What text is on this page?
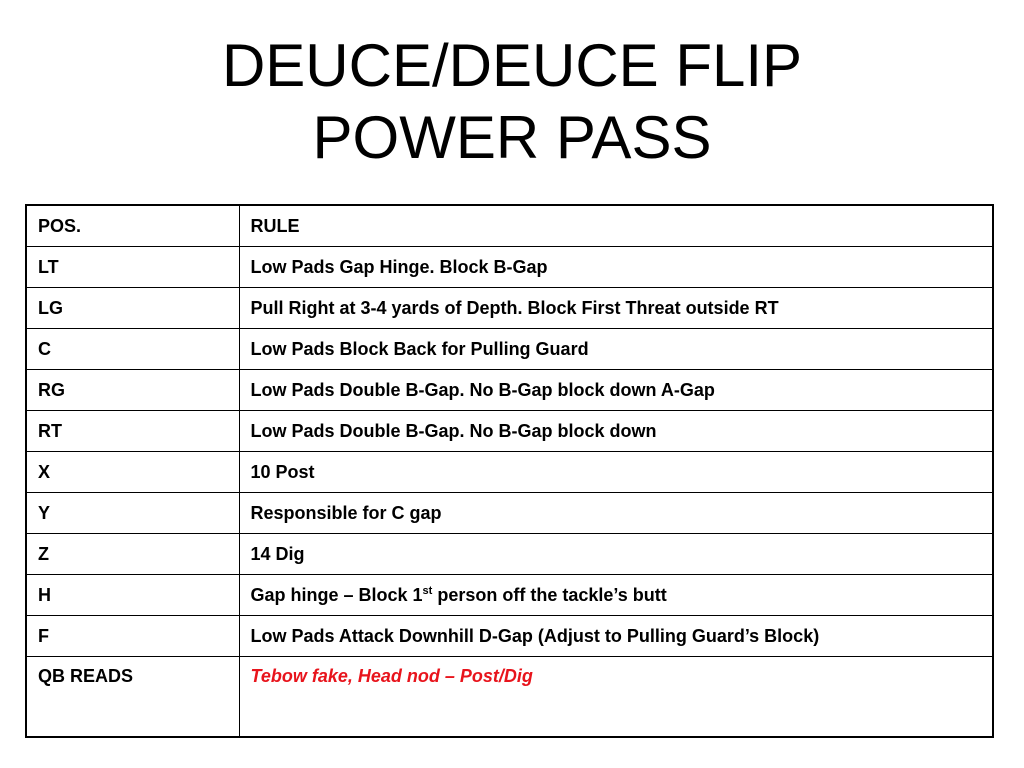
DEUCE/DEUCE FLIP
POWER PASS
POS.	RULE
LT	Low Pads Gap Hinge. Block B-Gap
LG	Pull Right at 3-4 yards of Depth. Block First Threat outside RT
C	Low Pads Block Back for Pulling Guard
RG	Low Pads Double B-Gap. No B-Gap block down A-Gap
RT	Low Pads Double B-Gap. No B-Gap block down
X	10 Post
Y	Responsible for C gap
Z	14 Dig
H	Gap hinge – Block 1st person off the tackle’s butt
F	Low Pads Attack Downhill D-Gap (Adjust to Pulling Guard’s Block)
QB READS	Tebow fake, Head nod – Post/Dig
